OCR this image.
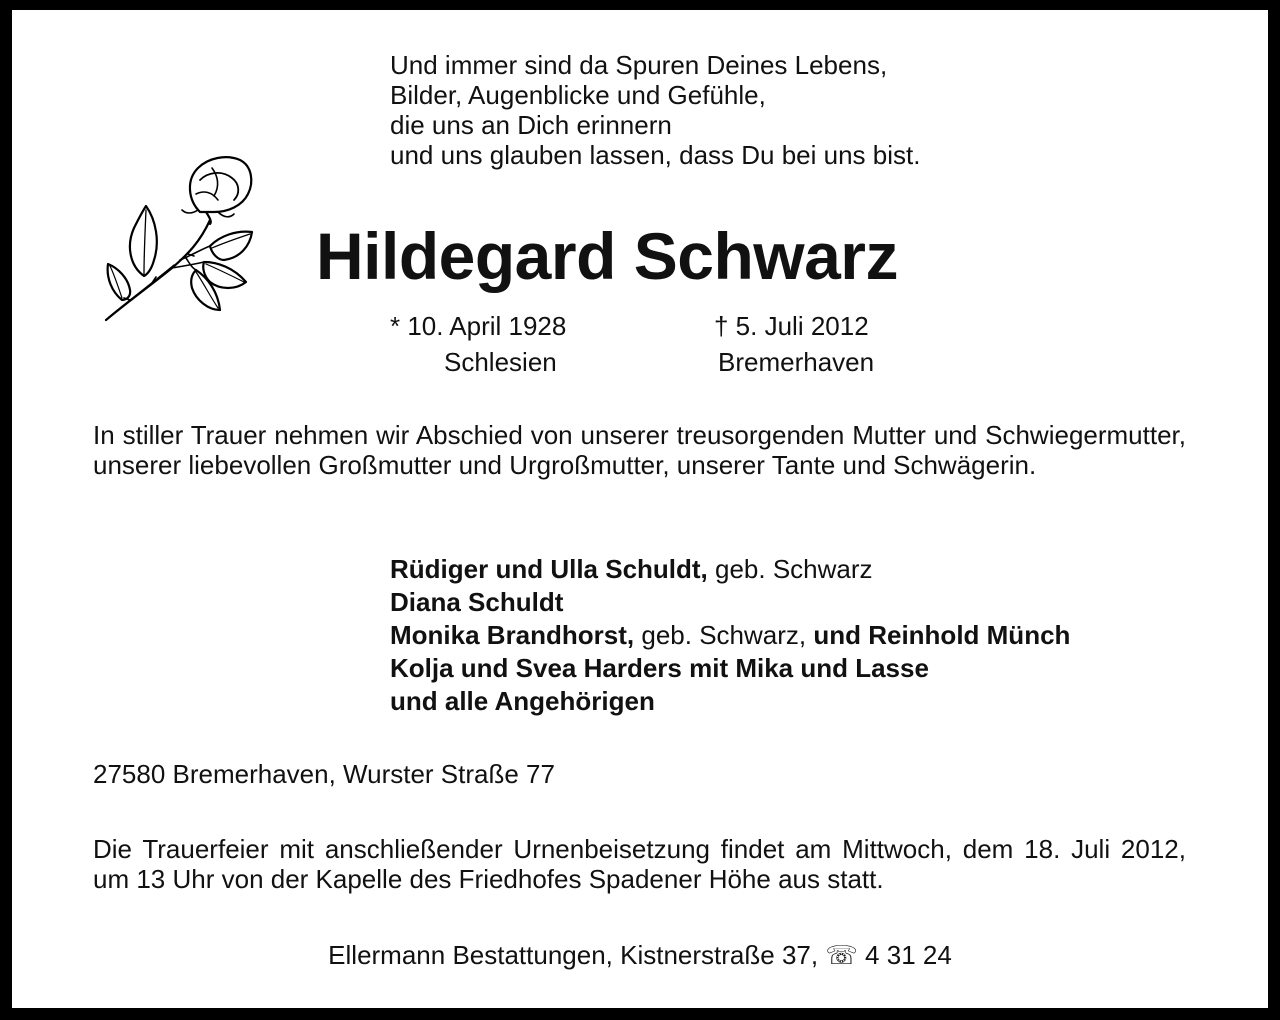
Und immer sind da Spuren Deines Lebens,
Bilder, Augenblicke und Gefühle,
die uns an Dich erinnern
und uns glauben lassen, dass Du bei uns bist.
Hildegard Schwarz
* 10. April 1928
Schlesien
† 5. Juli 2012
Bremerhaven
In stiller Trauer nehmen wir Abschied von unserer treusorgenden Mutter und Schwiegermutter, unserer liebevollen Großmutter und Urgroßmutter, unserer Tante und Schwägerin.
Rüdiger und Ulla Schuldt, geb. Schwarz
Diana Schuldt
Monika Brandhorst, geb. Schwarz, und Reinhold Münch
Kolja und Svea Harders mit Mika und Lasse
und alle Angehörigen
27580 Bremerhaven, Wurster Straße 77
Die Trauerfeier mit anschließender Urnenbeisetzung findet am Mittwoch, dem 18. Juli 2012, um 13 Uhr von der Kapelle des Friedhofes Spadener Höhe aus statt.
Ellermann Bestattungen, Kistnerstraße 37, ☏ 4 31 24
